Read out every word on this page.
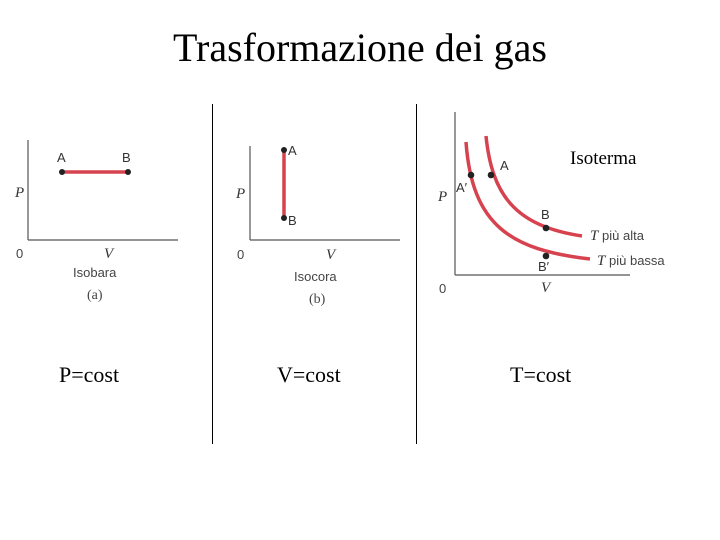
Trasformazione dei gas
A	B
P
0	V
Isobara
(a)
A
B
P
0	V
Isocora
(b)
Isoterma
A
A′
B
B′
P
0	V
T più alta
T più bassa
P=cost	V=cost	T=cost
